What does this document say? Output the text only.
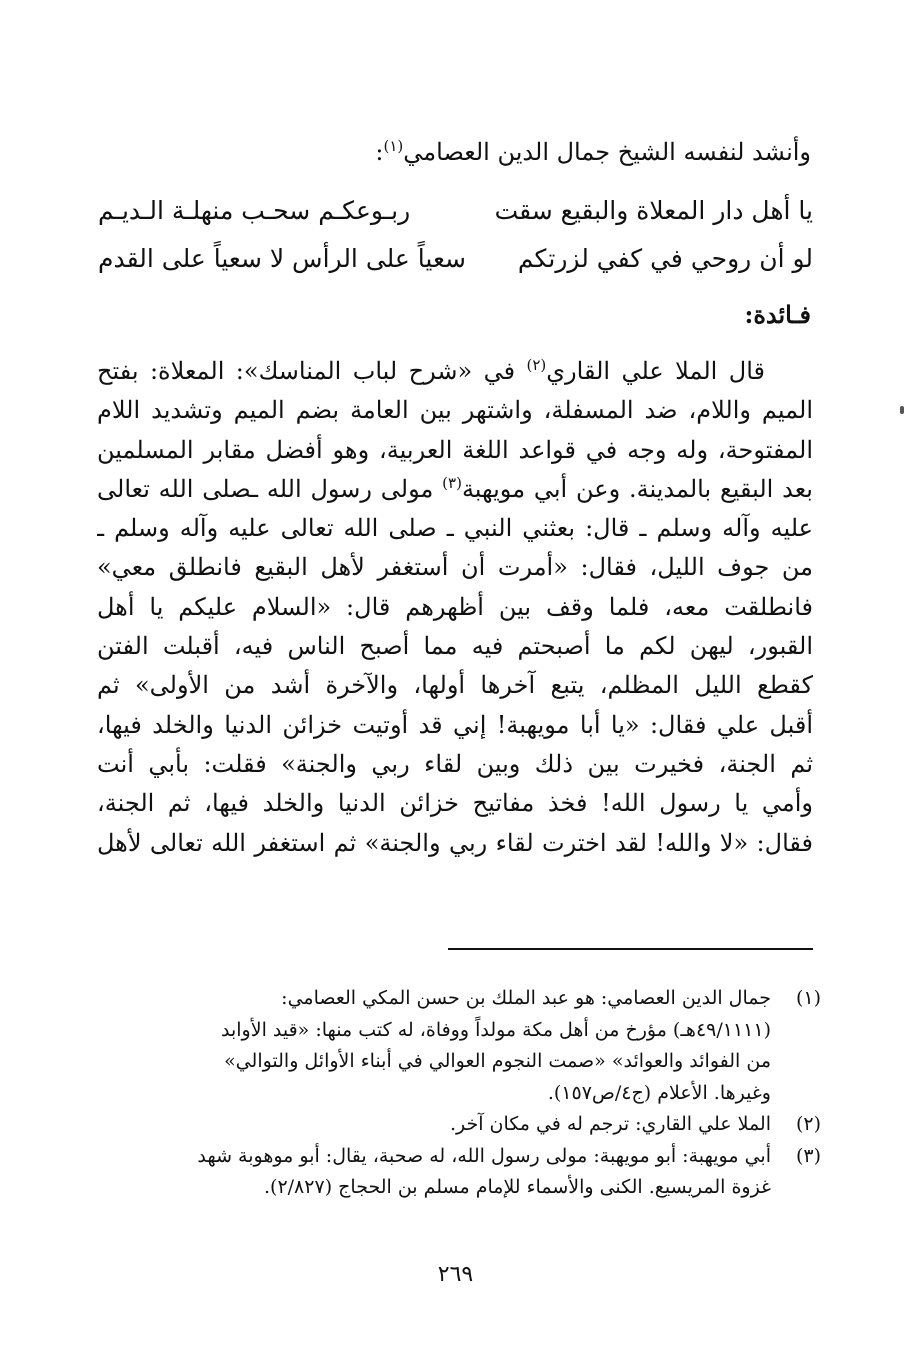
وأنشد لنفسه الشيخ جمال الدين العصامي$^{(١)}$:

يا أهل دار المعلاة والبقيع سقت
ربـوعكـم سحـب منهلـة الـديـم
لو أن روحي في كفي لزرتكم
سعياً على الرأس لا سعياً على القدم

فـائدة:

قال الملا علي القاري$^{(٢)}$ في «شرح لباب المناسك»: المعلاة: بفتح
الميم واللام، ضد المسفلة، واشتهر بين العامة بضم الميم وتشديد اللام
المفتوحة، وله وجه في قواعد اللغة العربية، وهو أفضل مقابر المسلمين
بعد البقيع بالمدينة. وعن أبي مويهبة$^{(٣)}$ مولى رسول الله ـصلى الله تعالى
عليه وآله وسلم ـ قال: بعثني النبي ـ صلى الله تعالى عليه وآله وسلم ـ
من جوف الليل، فقال: «أمرت أن أستغفر لأهل البقيع فانطلق معي»
فانطلقت معه، فلما وقف بين أظهرهم قال: «السلام عليكم يا أهل
القبور، ليهن لكم ما أصبحتم فيه مما أصبح الناس فيه، أقبلت الفتن
كقطع الليل المظلم، يتبع آخرها أولها، والآخرة أشد من الأولى» ثم
أقبل علي فقال: «يا أبا مويهبة! إني قد أوتيت خزائن الدنيا والخلد فيها،
ثم الجنة، فخيرت بين ذلك وبين لقاء ربي والجنة» فقلت: بأبي أنت
وأمي يا رسول الله! فخذ مفاتيح خزائن الدنيا والخلد فيها، ثم الجنة،
فقال: «لا والله! لقد اخترت لقاء ربي والجنة» ثم استغفر الله تعالى لأهل
(١)
جمال الدين العصامي: هو عبد الملك بن حسن المكي العصامي:
(٤٩/١١١١هـ) مؤرخ من أهل مكة مولداً ووفاة، له كتب منها: «قيد الأوابد
من الفوائد والعوائد» «صمت النجوم العوالي في أبناء الأوائل والتوالي»
وغيرها. الأعلام (ج٤/ص١٥٧).
(٢)
الملا علي القاري: ترجم له في مكان آخر.
(٣)
أبي مويهبة: أبو مويهبة: مولى رسول الله، له صحبة، يقال: أبو موهوبة شهد
غزوة المريسيع. الكنى والأسماء للإمام مسلم بن الحجاج (٢/٨٢٧).

٢٦٩
